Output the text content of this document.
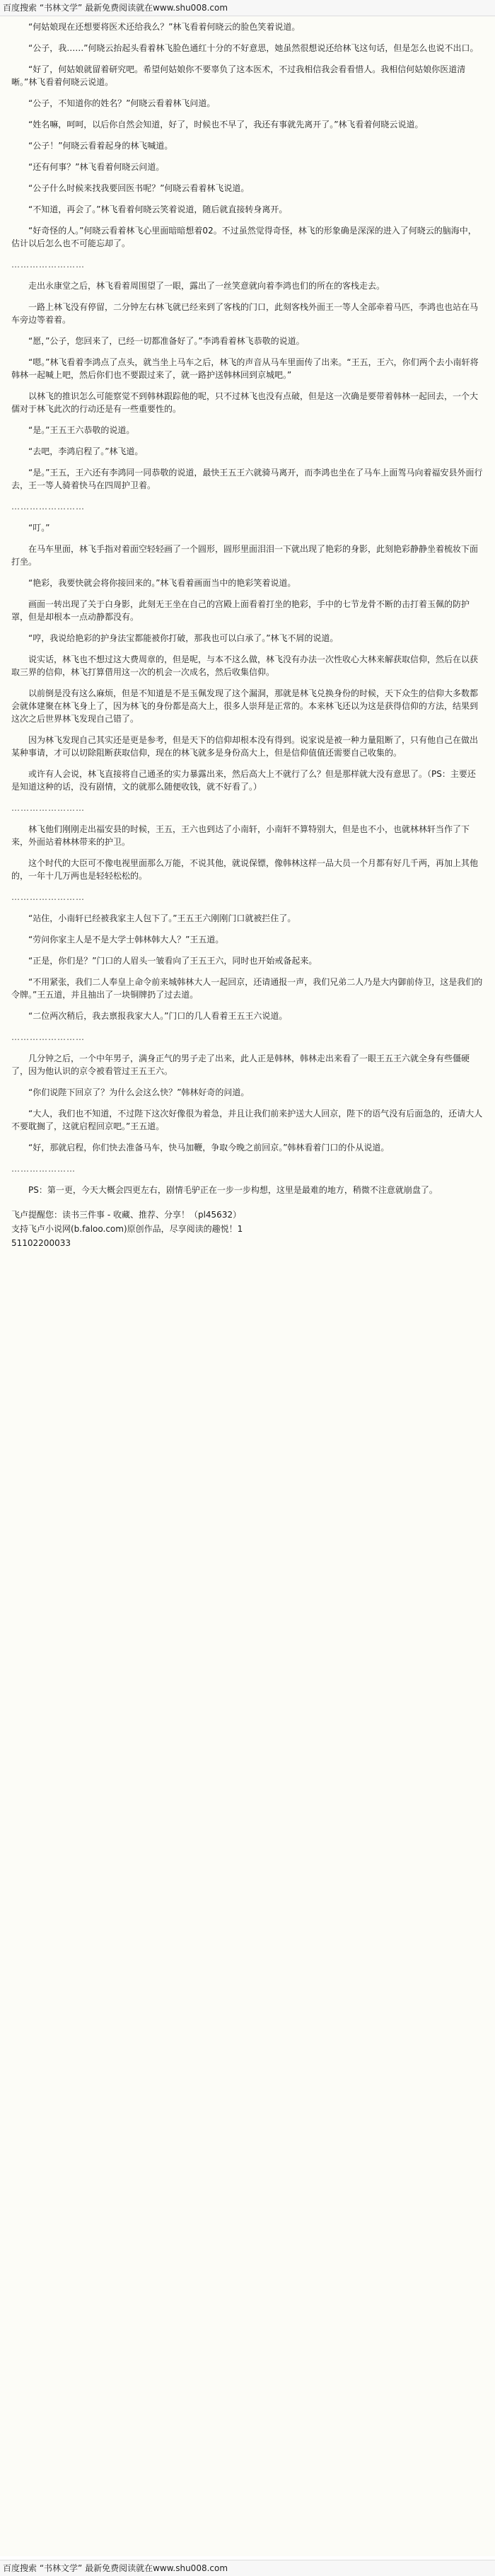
百度搜索 “书林文学” 最新免费阅读就在www.shu008.com
“何姑娘现在还想要将医术还给我么？”林飞看着何晓云的脸色笑着说道。
“公子，我……”何晓云抬起头看着林飞脸色通红十分的不好意思，她虽然很想说还给林飞这句话，但是怎么也说不出口。
“好了，何姑娘就留着研究吧。希望何姑娘你不要辜负了这本医术，不过我相信我会看看惜人。我相信何姑娘你医道清晰。”林飞看着何晓云说道。
“公子，不知道你的姓名？”何晓云看着林飞问道。
“姓名嘛，呵呵，以后你自然会知道，好了，时候也不早了，我还有事就先离开了。”林飞看着何晓云说道。
“公子！”何晓云看着起身的林飞喊道。
“还有何事？”林飞看着何晓云问道。
“公子什么时候来找我要回医书呢？”何晓云看着林飞说道。
“不知道，再会了。”林飞看着何晓云笑着说道，随后就直接转身离开。
“好奇怪的人。”何晓云看着林飞心里面暗暗想着02。不过虽然觉得奇怪，林飞的形象确是深深的进入了何晓云的脑海中，估计以后怎么也不可能忘却了。
……………………
走出永康堂之后，林飞看着周围望了一眼，露出了一丝笑意就向着李鸿也们的所在的客栈走去。
一路上林飞没有停留，二分钟左右林飞就已经来到了客栈的门口，此刻客栈外面王一等人全部牵着马匹，李鸿也也站在马车旁边等着着。
“愿，”公子，您回来了，已经一切都准备好了。”李鸿看着林飞恭敬的说道。
“嗯。”林飞看着李鸿点了点头，就当坐上马车之后，林飞的声音从马车里面传了出来。“王五，王六，你们两个去小南轩将韩林一起喊上吧，然后你们也不要跟过来了，就一路护送韩林回到京城吧。”
以林飞的推识怎么可能察觉不到韩林跟踪他的呢，只不过林飞也没有点破，但是这一次确是要带着韩林一起回去，一个大儒对于林飞此次的行动还是有一些重要性的。
“是。”王五王六恭敬的说道。
“去吧，李鸿启程了。”林飞道。
“是。”王五，王六还有李鸿同一同恭敬的说道，最快王五王六就骑马离开，而李鸿也坐在了马车上面驾马向着福安县外面行去，王一等人骑着快马在四周护卫着。
……………………
“叮。”
在马车里面，林飞手指对着面空轻轻画了一个圆形，圆形里面泪泪一下就出现了艳彩的身影，此刻艳彩静静坐着梳妆下面打坐。
“艳彩，我要快就会将你接回来的。”林飞看着画面当中的艳彩笑着说道。
画面一转出现了关于白身影，此刻无王坐在自己的宫殿上面看着打坐的艳彩，手中的七节龙骨不断的击打着玉佩的防护罩，但是却根本一点动静都没有。
“哼，我说给艳彩的护身法宝都能被你打破，那我也可以白承了。”林飞不屑的说道。
说实话，林飞也不想过这大费周章的，但是呢，与本不这么做，林飞没有办法一次性收心大林来解获取信仰，然后在以获取三界的信仰，林飞打算借用这一次的机会一次成名，然后收集信仰。
以前倒是没有这么麻烦，但是不知道是不是玉佩发现了这个漏洞，那就是林飞兑换身份的时候，天下众生的信仰大多数都会就体建聚在林飞身上了，因为林飞的身份都是高大上，很多人崇拜是正常的。本来林飞还以为这是获得信仰的方法，结果到这次之后世界林飞发现自己错了。
因为林飞发现自己其实还是更是参考，但是天下的信仰却根本没有得到。说家说是被一种力量阻断了，只有他自己在做出某种事请，才可以切除阻断获取信仰，现在的林飞就多是身份高大上，但是信仰值值还需要自己收集的。
或许有人会说，林飞直接将自己通圣的实力暴露出来，然后高大上不就行了么？但是那样就大没有意思了。（PS：主要还是知道这种的话，没有剧情，文的就那么随便收钱，就不好看了。）
……………………
林飞他们刚刚走出福安县的时候，王五，王六也到达了小南轩，小南轩不算特别大，但是也不小，也就林林轩当作了下来，外面站着林林带来的护卫。
这个时代的大臣可不像电视里面那么万能，不说其他，就说保镖，像韩林这样一品大员一个月都有好几千两，再加上其他的，一年十几万两也是轻轻松松的。
……………………
“站住，小南轩已经被我家主人包下了。”王五王六刚刚门口就被拦住了。
“劳问你家主人是不是大学士韩林韩大人？”王五道。
“正是，你们是？”门口的人眉头一皱看向了王五王六，同时也开始戒备起来。
“不用紧张，我们二人奉皇上命令前来城韩林大人一起回京，还请通报一声，我们兄弟二人乃是大内御前侍卫，这是我们的令牌。”王五道，并且抽出了一块铜牌扔了过去道。
“二位两次稍后，我去禀报我家大人。”门口的几人看着王五王六说道。
……………………
几分钟之后，一个中年男子，满身正气的男子走了出来，此人正是韩林，韩林走出来看了一眼王五王六就全身有些僵硬了，因为他认识的京令被看管过王五王六。
“你们说陛下回京了？为什么会这么快？”韩林好奇的问道。
“大人，我们也不知道，不过陛下这次好像很为着急，并且让我们前来护送大人回京，陛下的语气没有后面急的，还请大人不要耽搁了，这就启程回京吧。”王五道。
“好，那就启程，你们快去准备马车，快马加鞭，争取今晚之前回京。”韩林看着门口的仆从说道。
…………………
PS：第一更，今天大概会四更左右，剧情毛驴正在一步一步构想，这里是最难的地方，稍微不注意就崩盘了。
飞卢提醒您：读书三件事 - 收藏、推荐、分享！（pl45632）
支持飞卢小说网(b.faloo.com)原创作品，尽享阅读的趣悦！1
51102200033
百度搜索 “书林文学” 最新免费阅读就在www.shu008.com
